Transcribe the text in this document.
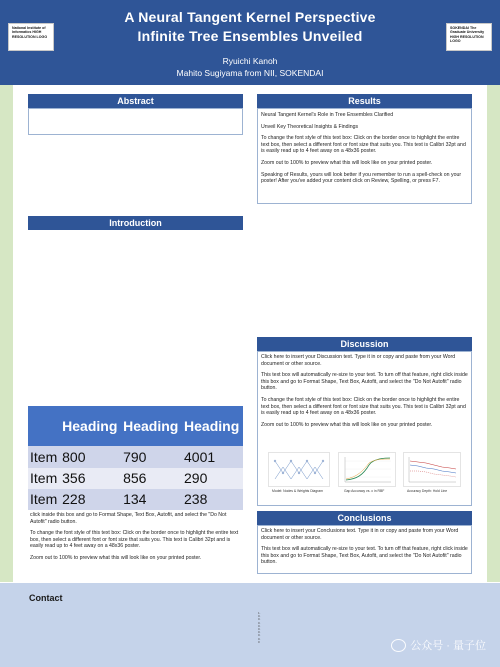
National Institute of Informatics HIGH RESOLUTION LOGO
A Neural Tangent Kernel Perspective
Infinite Tree Ensembles Unveiled
Ryuichi Kanoh
Mahito Sugiyama from NII, SOKENDAI
SOKENDAI The Graduate University HIGH RESOLUTION LOGO
Abstract	Results

Neural Tangent Kernel's Role in Tree Ensembles Clarified

Unveil Key Theoretical Insights & Findings

To change the font style of this text box: Click on the border once to highlight the entire text box, then select a different font or font size that suits you. This text is Calibri 32pt and is easily read up to 4 feet away on a 48x36 poster.

Zoom out to 100% to preview what this will look like on your printed poster.

Speaking of Results, yours will look better if you remember to run a spell-check on your poster! After you've added your content click on Review, Spelling, or press F7.

Introduction
	Heading	Heading	Heading
Item	800	790	4001
Item	356	856	290
Item	228	134	238

click inside this box and go to Format Shape, Text Box, Autofit, and select the "Do Not Autofit" radio button.

To change the font style of this text box: Click on the border once to highlight the entire text box, then select a different font or font size that suits you. This text is Calibri 32pt and is easily read up to 4 feet away on a 48x36 poster.

Zoom out to 100% to preview what this will look like on your printed poster.

Discussion

Click here to insert your Discussion text. Type it in or copy and paste from your Word document or other source.

This text box will automatically re-size to your text. To turn off that feature, right click inside this box and go to Format Shape, Text Box, Autofit, and select the "Do Not Autofit" radio button.

To change the font style of this text box: Click on the border once to highlight the entire text box, then select a different font or font size that suits you. This text is Calibri 32pt and is easily read up to 4 feet away on a 48x36 poster.

Zoom out to 100% to preview what this will look like on your printed poster.

Model: Nodes & Weights Diagram	Gap Accuracy vs. c in RBF	Accuracy Depth: Hold Line
Conclusions

Click here to insert your Conclusions text. Type it in or copy and paste from your Word document or other source.

This text box will automatically re-size to your text. To turn off that feature, right click inside this box and go to Format Shape, Text Box, Autofit, and select the "Do Not Autofit" radio button.

Contact
公众号 · 量子位
1.0.0.0.0.0.0.0.0.0
